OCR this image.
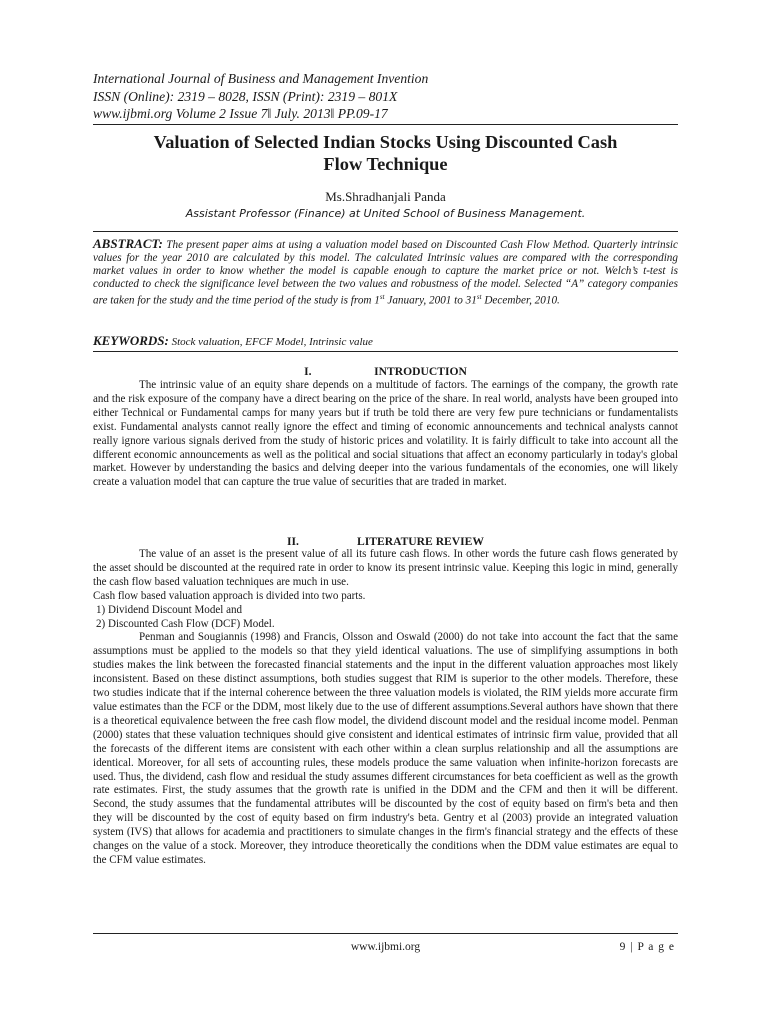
International Journal of Business and Management Invention
ISSN (Online): 2319 – 8028, ISSN (Print): 2319 – 801X
www.ijbmi.org Volume 2 Issue 7ǁ July. 2013ǁ PP.09-17
Valuation of Selected Indian Stocks Using Discounted Cash
Flow Technique
Ms.Shradhanjali Panda
Assistant Professor (Finance) at United School of Business Management.
ABSTRACT: The present paper aims at using a valuation model based on Discounted Cash Flow Method. Quarterly intrinsic values for the year 2010 are calculated by this model. The calculated Intrinsic values are compared with the corresponding market values in order to know whether the model is capable enough to capture the market price or not. Welch’s t-test is conducted to check the significance level between the two values and robustness of the model. Selected “A” category companies are taken for the study and the time period of the study is from 1st January, 2001 to 31st December, 2010.
KEYWORDS: Stock valuation, EFCF Model, Intrinsic value
I.	INTRODUCTION

The intrinsic value of an equity share depends on a multitude of factors. The earnings of the company, the growth rate and the risk exposure of the company have a direct bearing on the price of the share. In real world, analysts have been grouped into either Technical or Fundamental camps for many years but if truth be told there are very few pure technicians or fundamentalists exist. Fundamental analysts cannot really ignore the effect and timing of economic announcements and technical analysts cannot really ignore various signals derived from the study of historic prices and volatility. It is fairly difficult to take into account all the different economic announcements as well as the political and social situations that affect an economy particularly in today's global market. However by understanding the basics and delving deeper into the various fundamentals of the economies, one will likely create a valuation model that can capture the true value of securities that are traded in market.

II.	LITERATURE REVIEW

The value of an asset is the present value of all its future cash flows. In other words the future cash flows generated by the asset should be discounted at the required rate in order to know its present intrinsic value. Keeping this logic in mind, generally the cash flow based valuation techniques are much in use.

Cash flow based valuation approach is divided into two parts.

1) Dividend Discount Model and

2) Discounted Cash Flow (DCF) Model.

Penman and Sougiannis (1998) and Francis, Olsson and Oswald (2000) do not take into account the fact that the same assumptions must be applied to the models so that they yield identical valuations. The use of simplifying assumptions in both studies makes the link between the forecasted financial statements and the input in the different valuation approaches most likely inconsistent. Based on these distinct assumptions, both studies suggest that RIM is superior to the other models. Therefore, these two studies indicate that if the internal coherence between the three valuation models is violated, the RIM yields more accurate firm value estimates than the FCF or the DDM, most likely due to the use of different assumptions.Several authors have shown that there is a theoretical equivalence between the free cash flow model, the dividend discount model and the residual income model. Penman (2000) states that these valuation techniques should give consistent and identical estimates of intrinsic firm value, provided that all the forecasts of the different items are consistent with each other within a clean surplus relationship and all the assumptions are identical. Moreover, for all sets of accounting rules, these models produce the same valuation when infinite-horizon forecasts are used. Thus, the dividend, cash flow and residual the study assumes different circumstances for beta coefficient as well as the growth rate estimates. First, the study assumes that the growth rate is unified in the DDM and the CFM and then it will be different. Second, the study assumes that the fundamental attributes will be discounted by the cost of equity based on firm's beta and then they will be discounted by the cost of equity based on firm industry's beta. Gentry et al (2003) provide an integrated valuation system (IVS) that allows for academia and practitioners to simulate changes in the firm's financial strategy and the effects of these changes on the value of a stock. Moreover, they introduce theoretically the conditions when the DDM value estimates are equal to the CFM value estimates.

www.ijbmi.org	9 | P a g e
